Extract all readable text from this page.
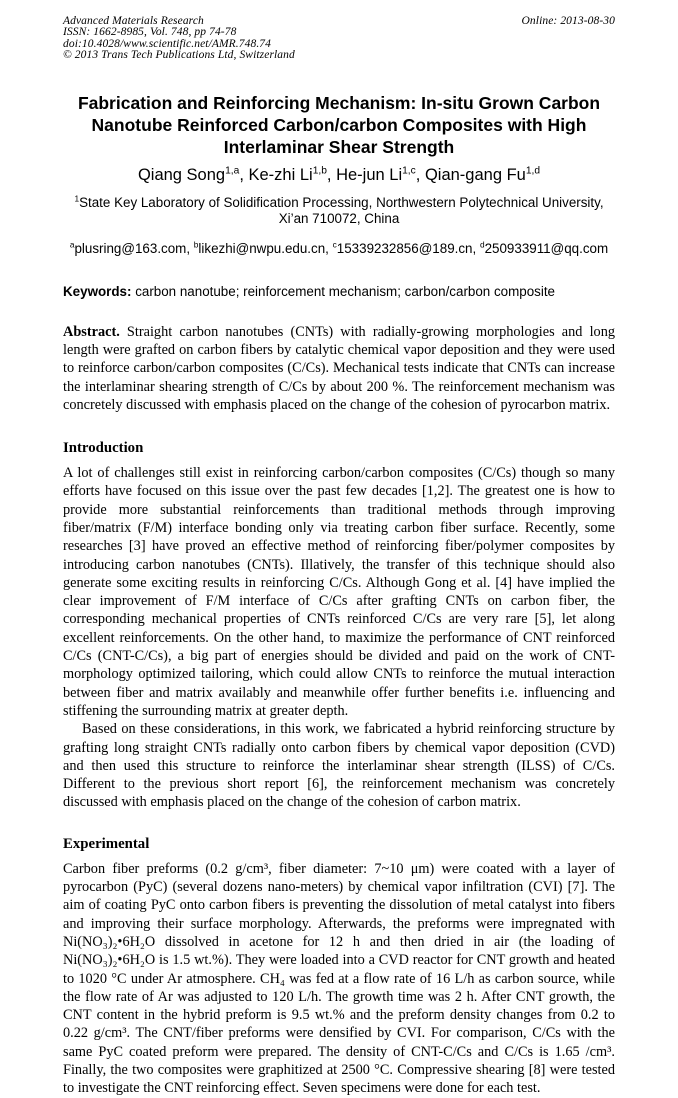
Advanced Materials Research
ISSN: 1662-8985, Vol. 748, pp 74-78
doi:10.4028/www.scientific.net/AMR.748.74
© 2013 Trans Tech Publications Ltd, Switzerland
Online: 2013-08-30
Fabrication and Reinforcing Mechanism: In-situ Grown Carbon Nanotube Reinforced Carbon/carbon Composites with High Interlaminar Shear Strength
Qiang Song$^{1,a}$, Ke-zhi Li$^{1,b}$, He-jun Li$^{1,c}$, Qian-gang Fu$^{1,d}$
$^1$State Key Laboratory of Solidification Processing, Northwestern Polytechnical University, Xi’an 710072, China
$^a$plusring@163.com, $^b$likezhi@nwpu.edu.cn, $^c$15339232856@189.cn, $^d$250933911@qq.com
Keywords: carbon nanotube; reinforcement mechanism; carbon/carbon composite
Abstract. Straight carbon nanotubes (CNTs) with radially-growing morphologies and long length were grafted on carbon fibers by catalytic chemical vapor deposition and they were used to reinforce carbon/carbon composites (C/Cs). Mechanical tests indicate that CNTs can increase the interlaminar shearing strength of C/Cs by about 200 %. The reinforcement mechanism was concretely discussed with emphasis placed on the change of the cohesion of pyrocarbon matrix.
Introduction

A lot of challenges still exist in reinforcing carbon/carbon composites (C/Cs) though so many efforts have focused on this issue over the past few decades [1,2]. The greatest one is how to provide more substantial reinforcements than traditional methods through improving fiber/matrix (F/M) interface bonding only via treating carbon fiber surface. Recently, some researches [3] have proved an effective method of reinforcing fiber/polymer composites by introducing carbon nanotubes (CNTs). Illatively, the transfer of this technique should also generate some exciting results in reinforcing C/Cs. Although Gong et al. [4] have implied the clear improvement of F/M interface of C/Cs after grafting CNTs on carbon fiber, the corresponding mechanical properties of CNTs reinforced C/Cs are very rare [5], let along excellent reinforcements. On the other hand, to maximize the performance of CNT reinforced C/Cs (CNT-C/Cs), a big part of energies should be divided and paid on the work of CNT-morphology optimized tailoring, which could allow CNTs to reinforce the mutual interaction between fiber and matrix availably and meanwhile offer further benefits i.e. influencing and stiffening the surrounding matrix at greater depth.

Based on these considerations, in this work, we fabricated a hybrid reinforcing structure by grafting long straight CNTs radially onto carbon fibers by chemical vapor deposition (CVD) and then used this structure to reinforce the interlaminar shear strength (ILSS) of C/Cs. Different to the previous short report [6], the reinforcement mechanism was concretely discussed with emphasis placed on the change of the cohesion of carbon matrix.

Experimental

Carbon fiber preforms (0.2 g/cm³, fiber diameter: 7~10 μm) were coated with a layer of pyrocarbon (PyC) (several dozens nano-meters) by chemical vapor infiltration (CVI) [7]. The aim of coating PyC onto carbon fibers is preventing the dissolution of metal catalyst into fibers and improving their surface morphology. Afterwards, the preforms were impregnated with Ni(NO₃)₂•6H₂O dissolved in acetone for 12 h and then dried in air (the loading of Ni(NO₃)₂•6H₂O is 1.5 wt.%). They were loaded into a CVD reactor for CNT growth and heated to 1020 °C under Ar atmosphere. CH₄ was fed at a flow rate of 16 L/h as carbon source, while the flow rate of Ar was adjusted to 120 L/h. The growth time was 2 h. After CNT growth, the CNT content in the hybrid preform is 9.5 wt.% and the preform density changes from 0.2 to 0.22 g/cm³. The CNT/fiber preforms were densified by CVI. For comparison, C/Cs with the same PyC coated preform were prepared. The density of CNT-C/Cs and C/Cs is 1.65 /cm³. Finally, the two composites were graphitized at 2500 °C. Compressive shearing [8] were tested to investigate the CNT reinforcing effect. Seven specimens were done for each test.
